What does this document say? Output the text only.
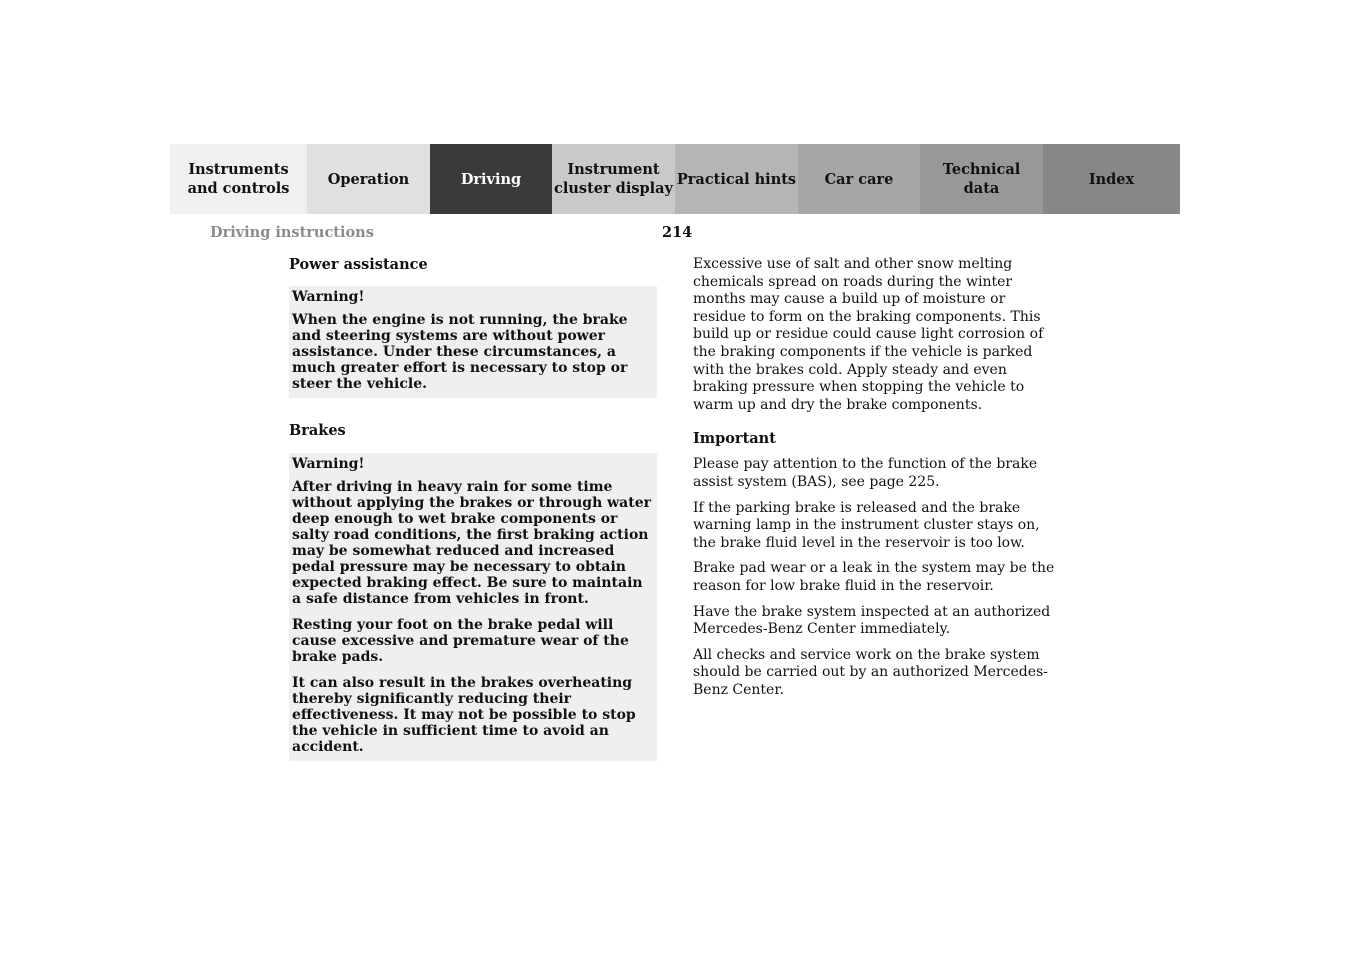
Instruments
and controls
Operation	Driving
Instrument
cluster display
Practical hints Car care
Technical
data
Index
Driving instructions	214
Power assistance
Warning!

When the engine is not running, the brake and steering systems are without power assistance. Under these circumstances, a much greater effort is necessary to stop or steer the vehicle.

Brakes
Warning!

After driving in heavy rain for some time without applying the brakes or through water deep enough to wet brake components or salty road conditions, the first braking action may be somewhat reduced and increased pedal pressure may be necessary to obtain expected braking effect. Be sure to maintain a safe distance from vehicles in front.

Resting your foot on the brake pedal will cause excessive and premature wear of the brake pads.

It can also result in the brakes overheating thereby significantly reducing their effectiveness. It may not be possible to stop the vehicle in sufficient time to avoid an accident.

Excessive use of salt and other snow melting chemicals spread on roads during the winter months may cause a build up of moisture or residue to form on the braking components. This build up or residue could cause light corrosion of the braking components if the vehicle is parked with the brakes cold. Apply steady and even braking pressure when stopping the vehicle to warm up and dry the brake components.

Important

Please pay attention to the function of the brake assist system (BAS), see page 225.

If the parking brake is released and the brake warning lamp in the instrument cluster stays on, the brake fluid level in the reservoir is too low.

Brake pad wear or a leak in the system may be the reason for low brake fluid in the reservoir.

Have the brake system inspected at an authorized Mercedes-Benz Center immediately.

All checks and service work on the brake system should be carried out by an authorized Mercedes-Benz Center.
